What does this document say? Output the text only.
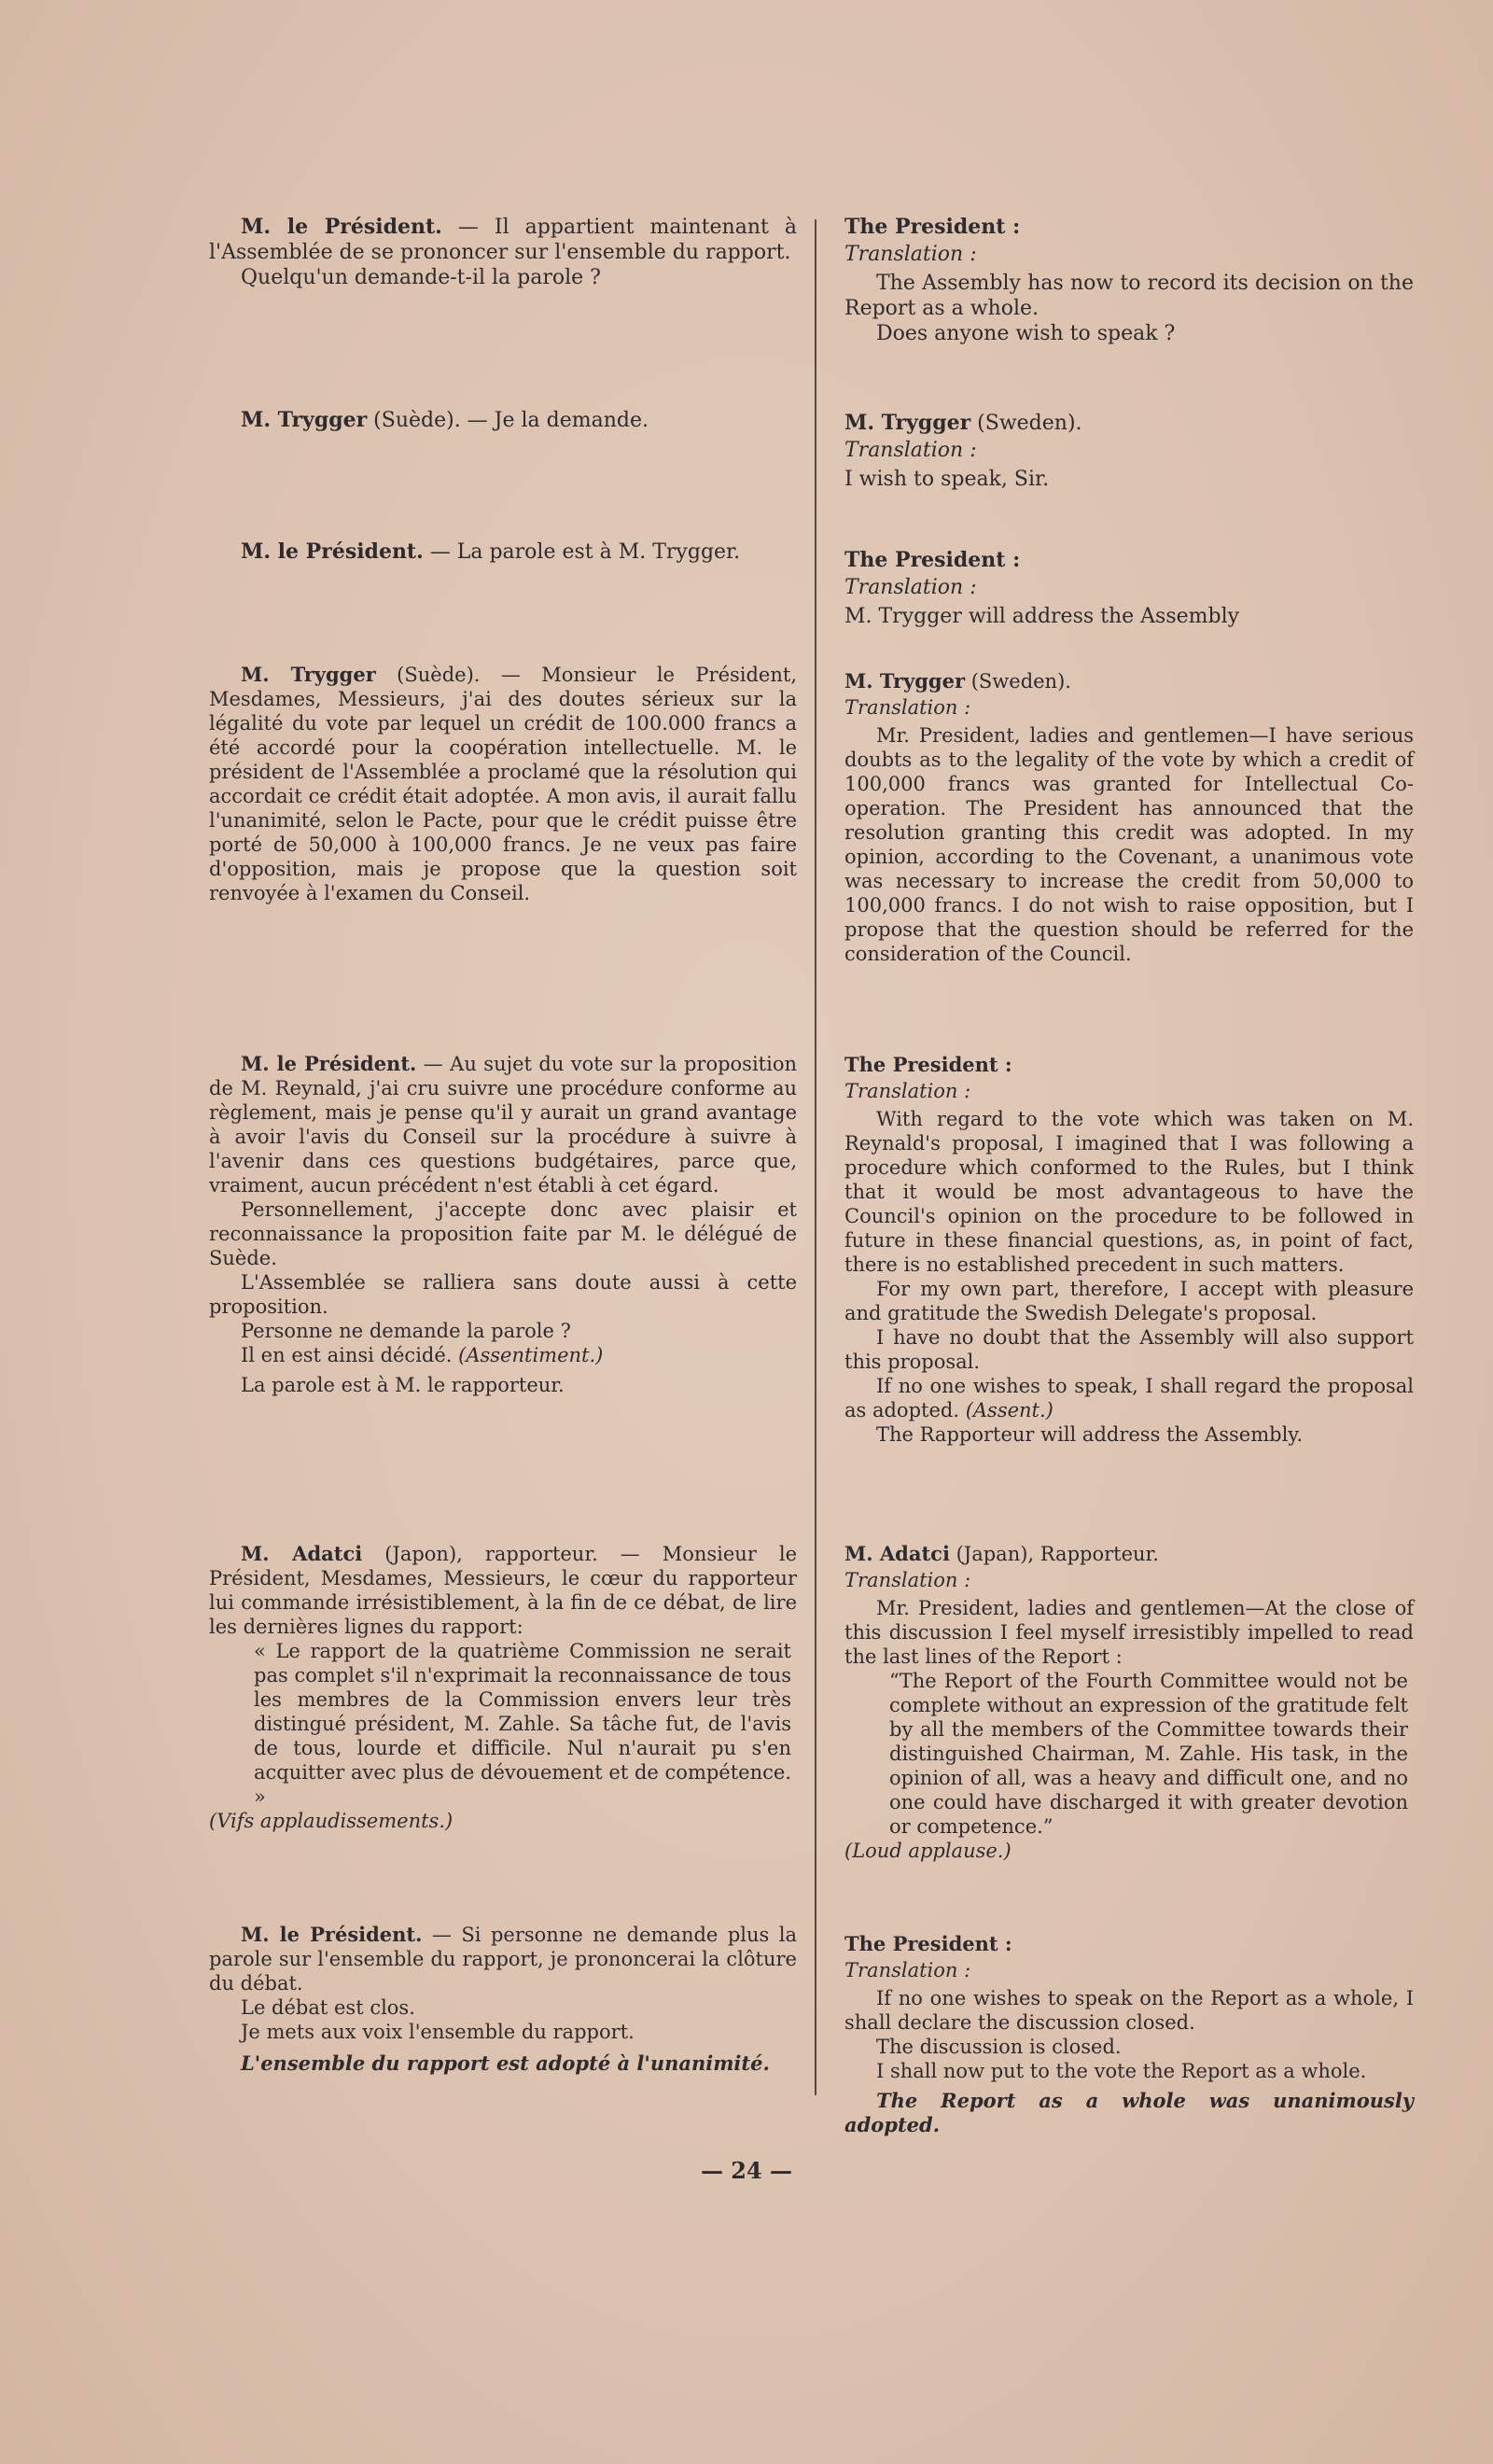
M. le Président. — Il appartient maintenant à l'Assemblée de se prononcer sur l'ensemble du rapport.

Quelqu'un demande-t-il la parole ?

M. Trygger (Suède). — Je la demande.

M. le Président. — La parole est à M. Trygger.

M. Trygger (Suède). — Monsieur le Président, Mesdames, Messieurs, j'ai des doutes sérieux sur la légalité du vote par lequel un crédit de 100.000 francs a été accordé pour la coopération intellectuelle. M. le président de l'Assemblée a proclamé que la résolution qui accordait ce crédit était adoptée. A mon avis, il aurait fallu l'unanimité, selon le Pacte, pour que le crédit puisse être porté de 50,000 à 100,000 francs. Je ne veux pas faire d'opposition, mais je propose que la question soit renvoyée à l'examen du Conseil.

M. le Président. — Au sujet du vote sur la proposition de M. Reynald, j'ai cru suivre une procédure conforme au règlement, mais je pense qu'il y aurait un grand avantage à avoir l'avis du Conseil sur la procédure à suivre à l'avenir dans ces questions budgétaires, parce que, vraiment, aucun précédent n'est établi à cet égard.

Personnellement, j'accepte donc avec plaisir et reconnaissance la proposition faite par M. le délégué de Suède.

L'Assemblée se ralliera sans doute aussi à cette proposition.

Personne ne demande la parole ?

Il en est ainsi décidé. (Assentiment.)

La parole est à M. le rapporteur.

M. Adatci (Japon), rapporteur. — Monsieur le Président, Mesdames, Messieurs, le cœur du rapporteur lui commande irrésistiblement, à la fin de ce débat, de lire les dernières lignes du rapport:

« Le rapport de la quatrième Commission ne serait pas complet s'il n'exprimait la reconnaissance de tous les membres de la Commission envers leur très distingué président, M. Zahle. Sa tâche fut, de l'avis de tous, lourde et difficile. Nul n'aurait pu s'en acquitter avec plus de dévouement et de compétence. »

(Vifs applaudissements.)

M. le Président. — Si personne ne demande plus la parole sur l'ensemble du rapport, je prononcerai la clôture du débat.

Le débat est clos.

Je mets aux voix l'ensemble du rapport.

L'ensemble du rapport est adopté à l'unanimité.

The President :

Translation :

The Assembly has now to record its decision on the Report as a whole.

Does anyone wish to speak ?

M. Trygger (Sweden).

Translation :

I wish to speak, Sir.

The President :

Translation :

M. Trygger will address the Assembly

M. Trygger (Sweden).

Translation :

Mr. President, ladies and gentlemen—I have serious doubts as to the legality of the vote by which a credit of 100,000 francs was granted for Intellectual Co-operation. The President has announced that the resolution granting this credit was adopted. In my opinion, according to the Covenant, a unanimous vote was necessary to increase the credit from 50,000 to 100,000 francs. I do not wish to raise opposition, but I propose that the question should be referred for the consideration of the Council.

The President :

Translation :

With regard to the vote which was taken on M. Reynald's proposal, I imagined that I was following a procedure which conformed to the Rules, but I think that it would be most advantageous to have the Council's opinion on the procedure to be followed in future in these financial questions, as, in point of fact, there is no established precedent in such matters.

For my own part, therefore, I accept with pleasure and gratitude the Swedish Delegate's proposal.

I have no doubt that the Assembly will also support this proposal.

If no one wishes to speak, I shall regard the proposal as adopted. (Assent.)

The Rapporteur will address the Assembly.

M. Adatci (Japan), Rapporteur.

Translation :

Mr. President, ladies and gentlemen—At the close of this discussion I feel myself irresistibly impelled to read the last lines of the Report :

“The Report of the Fourth Committee would not be complete without an expression of the gratitude felt by all the members of the Committee towards their distinguished Chairman, M. Zahle. His task, in the opinion of all, was a heavy and difficult one, and no one could have discharged it with greater devotion or competence.”

(Loud applause.)

The President :

Translation :

If no one wishes to speak on the Report as a whole, I shall declare the discussion closed.

The discussion is closed.

I shall now put to the vote the Report as a whole.

The Report as a whole was unanimously adopted.

— 24 —
